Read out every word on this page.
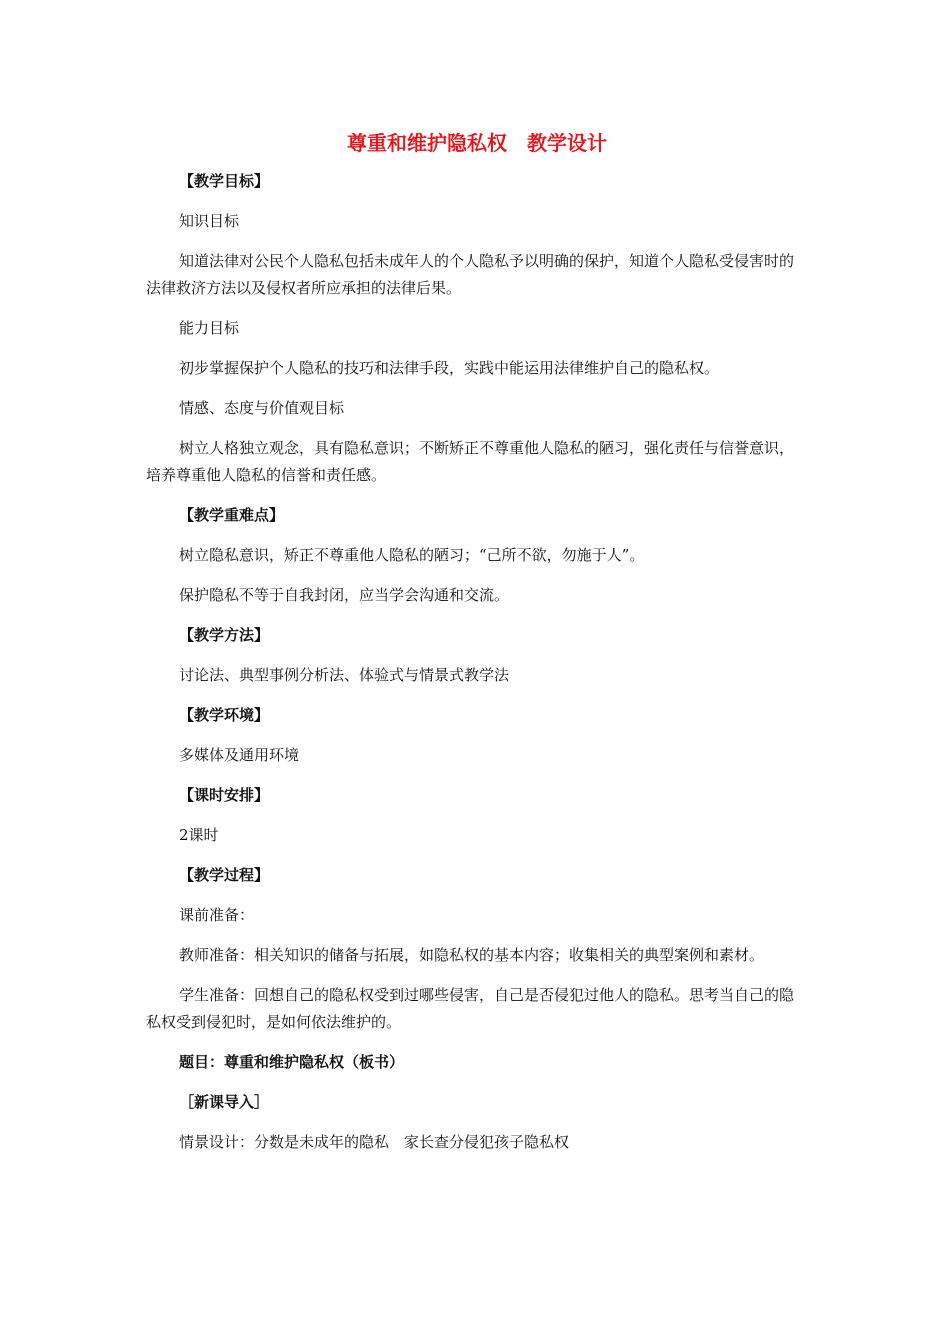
尊重和维护隐私权　教学设计

【教学目标】

知识目标

知道法律对公民个人隐私包括未成年人的个人隐私予以明确的保护，知道个人隐私受侵害时的法律救济方法以及侵权者所应承担的法律后果。

能力目标

初步掌握保护个人隐私的技巧和法律手段，实践中能运用法律维护自己的隐私权。

情感、态度与价值观目标

树立人格独立观念，具有隐私意识；不断矫正不尊重他人隐私的陋习，强化责任与信誉意识，培养尊重他人隐私的信誉和责任感。

【教学重难点】

树立隐私意识，矫正不尊重他人隐私的陋习；“己所不欲，勿施于人”。

保护隐私不等于自我封闭，应当学会沟通和交流。

【教学方法】

讨论法、典型事例分析法、体验式与情景式教学法

【教学环境】

多媒体及通用环境

【课时安排】

2课时

【教学过程】

课前准备：

教师准备：相关知识的储备与拓展，如隐私权的基本内容；收集相关的典型案例和素材。

学生准备：回想自己的隐私权受到过哪些侵害，自己是否侵犯过他人的隐私。思考当自己的隐私权受到侵犯时，是如何依法维护的。

题目：尊重和维护隐私权（板书）

［新课导入］

情景设计：分数是未成年的隐私　家长查分侵犯孩子隐私权
